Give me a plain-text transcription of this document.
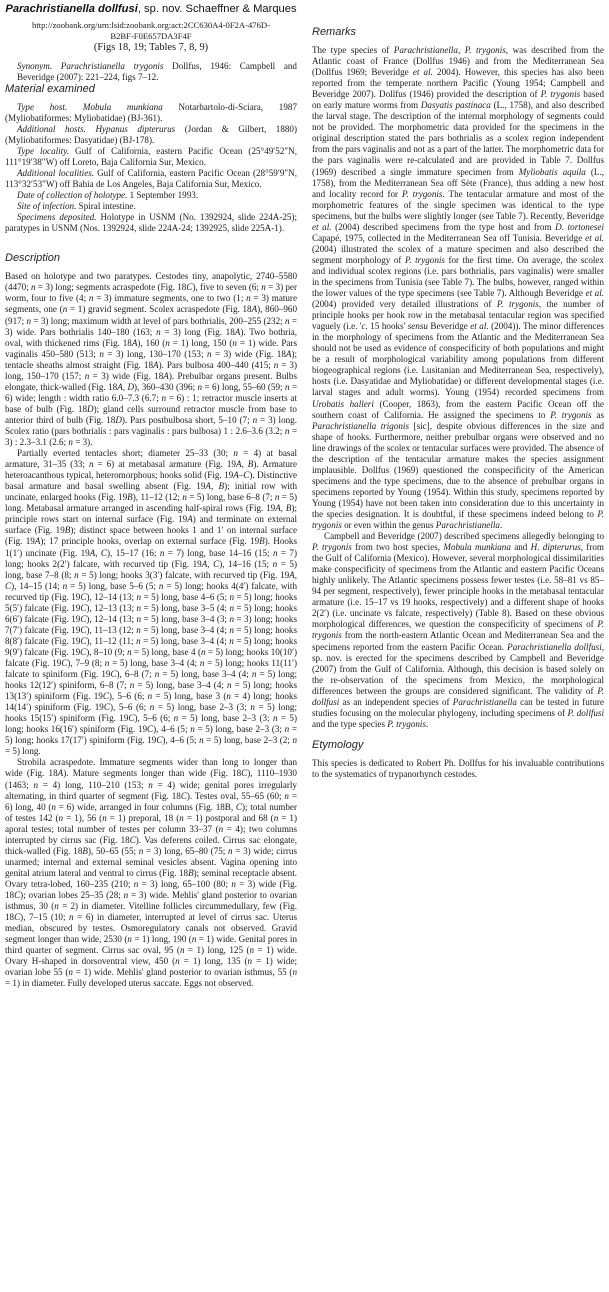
Parachristianella dollfusi, sp. nov. Schaeffner & Marques
http://zoobank.org/urn:lsid:zoobank.org:act:2CC630A4-0F2A-476D-
B2BF-F0E657DA3F4F
(Figs 18, 19; Tables 7, 8, 9)

Synonym. Parachristianella trygonis Dollfus, 1946: Campbell and Beveridge (2007): 221–224, figs 7–12.

Material examined

Type host. Mobula munkiana Notarbartolo-di-Sciara, 1987 (Myliobatiformes: Myliobatidae) (BJ-361).

Additional hosts. Hypanus dipterurus (Jordan & Gilbert, 1880) (Myliobatiformes: Dasyatidae) (BJ-178).

Type locality. Gulf of California, eastern Pacific Ocean (25°49′52″N, 111°19′38″W) off Loreto, Baja California Sur, Mexico.

Additional localities. Gulf of California, eastern Pacific Ocean (28°59′9″N, 113°32′53″W) off Bahia de Los Angeles, Baja California Sur, Mexico.

Date of collection of holotype. 1 September 1993.

Site of infection. Spiral intestine.

Specimens deposited. Holotype in USNM (No. 1392924, slide 224A-25); paratypes in USNM (Nos. 1392924, slide 224A-24; 1392925, slide 225A-1).

Description

Based on holotype and two paratypes. Cestodes tiny, anapolytic, 2740–5580 (4470; n = 3) long; segments acraspedote (Fig. 18C), five to seven (6; n = 3) per worm, four to five (4; n = 3) immature segments, one to two (1; n = 3) mature segments, one (n = 1) gravid segment. Scolex acraspedote (Fig. 18A), 860–960 (917; n = 3) long; maximum width at level of pars bothrialis, 200–255 (232; n = 3) wide. Pars bothrialis 140–180 (163; n = 3) long (Fig. 18A). Two bothria, oval, with thickened rims (Fig. 18A), 160 (n = 1) long, 150 (n = 1) wide. Pars vaginalis 450–580 (513; n = 3) long, 130–170 (153; n = 3) wide (Fig. 18A); tentacle sheaths almost straight (Fig. 18A). Pars bulbosa 400–440 (415; n = 3) long, 150–170 (157; n = 3) wide (Fig. 18A). Prebulbar organs present. Bulbs elongate, thick-walled (Fig. 18A, D), 360–430 (396; n = 6) long, 55–60 (59; n = 6) wide; length : width ratio 6.0–7.3 (6.7; n = 6) : 1; retractor muscle inserts at base of bulb (Fig. 18D); gland cells surround retractor muscle from base to anterior third of bulb (Fig. 18D). Pars postbulbosa short, 5–10 (7; n = 3) long. Scolex ratio (pars bothrialis : pars vaginalis : pars bulbosa) 1 : 2.6–3.6 (3.2; n = 3) : 2.3–3.1 (2.6; n = 3).

Partially everted tentacles short; diameter 25–33 (30; n = 4) at basal armature, 31–35 (33; n = 6) at metabasal armature (Fig. 19A, B). Armature heteroacanthous typical, heteromorphous; hooks solid (Fig. 19A–C). Distinctive basal armature and basal swelling absent (Fig. 19A, B); initial row with uncinate, enlarged hooks (Fig. 19B), 11–12 (12; n = 5) long, base 6–8 (7; n = 5) long. Metabasal armature arranged in ascending half-spiral rows (Fig. 19A, B); principle rows start on internal surface (Fig. 19A) and terminate on external surface (Fig. 19B); distinct space between hooks 1 and 1′ on internal surface (Fig. 19A); 17 principle hooks, overlap on external surface (Fig. 19B). Hooks 1(1′) uncinate (Fig. 19A, C), 15–17 (16; n = 7) long, base 14–16 (15; n = 7) long; hooks 2(2′) falcate, with recurved tip (Fig. 19A, C), 14–16 (15; n = 5) long, base 7–8 (8; n = 5) long; hooks 3(3′) falcate, with recurved tip (Fig. 19A, C), 14–15 (14; n = 5) long, base 5–6 (5; n = 5) long; hooks 4(4′) falcate, with recurved tip (Fig. 19C), 12–14 (13; n = 5) long, base 4–6 (5; n = 5) long; hooks 5(5′) falcate (Fig. 19C), 12–13 (13; n = 5) long, base 3–5 (4; n = 5) long; hooks 6(6′) falcate (Fig. 19C), 12–14 (13; n = 5) long, base 3–4 (3; n = 3) long; hooks 7(7′) falcate (Fig. 19C), 11–13 (12; n = 5) long, base 3–4 (4; n = 5) long; hooks 8(8′) falcate (Fig. 19C), 11–12 (11; n = 5) long, base 3–4 (4; n = 5) long; hooks 9(9′) falcate (Fig. 19C), 8–10 (9; n = 5) long, base 4 (n = 5) long; hooks 10(10′) falcate (Fig. 19C), 7–9 (8; n = 5) long, base 3–4 (4; n = 5) long; hooks 11(11′) falcate to spiniform (Fig. 19C), 6–8 (7; n = 5) long, base 3–4 (4; n = 5) long; hooks 12(12′) spiniform, 6–8 (7; n = 5) long, base 3–4 (4; n = 5) long; hooks 13(13′) spiniform (Fig. 19C), 5–6 (6; n = 5) long, base 3 (n = 4) long; hooks 14(14′) spiniform (Fig. 19C), 5–6 (6; n = 5) long, base 2–3 (3; n = 5) long; hooks 15(15′) spiniform (Fig. 19C), 5–6 (6; n = 5) long, base 2–3 (3; n = 5) long; hooks 16(16′) spiniform (Fig. 19C), 4–6 (5; n = 5) long, base 2–3 (3; n = 5) long; hooks 17(17′) spiniform (Fig. 19C), 4–6 (5; n = 5) long, base 2–3 (2; n = 5) long.

Strobila acraspedote. Immature segments wider than long to longer than wide (Fig. 18A). Mature segments longer than wide (Fig. 18C), 1110–1930 (1463; n = 4) long, 110–210 (153; n = 4) wide; genital pores irregularly alternating, in third quarter of segment (Fig. 18C). Testes oval, 55–65 (60; n = 6) long, 40 (n = 6) wide, arranged in four columns (Fig. 18B, C); total number of testes 142 (n = 1), 56 (n = 1) preporal, 18 (n = 1) postporal and 68 (n = 1) aporal testes; total number of testes per column 33–37 (n = 4); two columns interrupted by cirrus sac (Fig. 18C). Vas deferens coiled. Cirrus sac elongate, thick-walled (Fig. 18B), 50–65 (55; n = 3) long, 65–80 (75; n = 3) wide; cirrus unarmed; internal and external seminal vesicles absent. Vagina opening into genital atrium lateral and ventral to cirrus (Fig. 18B); seminal receptacle absent. Ovary tetra-lobed, 160–235 (210; n = 3) long, 65–100 (80; n = 3) wide (Fig. 18C); ovarian lobes 25–35 (28; n = 3) wide. Mehlis' gland posterior to ovarian isthmus, 30 (n = 2) in diameter. Vitelline follicles circummedullary, few (Fig. 18C), 7–15 (10; n = 6) in diameter, interrupted at level of cirrus sac. Uterus median, obscured by testes. Osmoregulatory canals not observed. Gravid segment longer than wide, 2530 (n = 1) long, 190 (n = 1) wide. Genital pores in third quarter of segment. Cirrus sac oval, 95 (n = 1) long, 125 (n = 1) wide. Ovary H-shaped in dorsoventral view, 450 (n = 1) long, 135 (n = 1) wide; ovarian lobe 55 (n = 1) wide. Mehlis' gland posterior to ovarian isthmus, 55 (n = 1) in diameter. Fully developed uterus saccate. Eggs not observed.

Remarks

The type species of Parachristianella, P. trygonis, was described from the Atlantic coast of France (Dollfus 1946) and from the Mediterranean Sea (Dollfus 1969; Beveridge et al. 2004). However, this species has also been reported from the temperate northern Pacific (Young 1954; Campbell and Beveridge 2007). Dollfus (1946) provided the description of P. trygonis based on early mature worms from Dasyatis pastinaca (L., 1758), and also described the larval stage. The description of the internal morphology of segments could not be provided. The morphometric data provided for the specimens in the original description stated the pars bothrialis as a scolex region independent from the pars vaginalis and not as a part of the latter. The morphometric data for the pars vaginalis were re-calculated and are provided in Table 7. Dollfus (1969) described a single immature specimen from Myliobatis aquila (L., 1758), from the Mediterranean Sea off Sète (France), thus adding a new host and locality record for P. trygonis. The tentacular armature and most of the morphometric features of the single specimen was identical to the type specimens, but the bulbs were slightly longer (see Table 7). Recently, Beveridge et al. (2004) described specimens from the type host and from D. tortonesei Capapé, 1975, collected in the Mediterranean Sea off Tunisia. Beveridge et al. (2004) illustrated the scolex of a mature specimen and also described the segment morphology of P. trygonis for the first time. On average, the scolex and individual scolex regions (i.e. pars bothrialis, pars vaginalis) were smaller in the specimens from Tunisia (see Table 7). The bulbs, however, ranged within the lower values of the type specimens (see Table 7). Although Beveridge et al. (2004) provided very detailed illustrations of P. trygonis, the number of principle hooks per hook row in the metabasal tentacular region was specified vaguely (i.e. 'c. 15 hooks' sensu Beveridge et al. (2004)). The minor differences in the morphology of specimens from the Atlantic and the Mediterranean Sea should not be used as evidence of conspecificity of both populations and might be a result of morphological variability among populations from different biogeographical regions (i.e. Lusitanian and Mediterranean Sea, respectively), hosts (i.e. Dasyatidae and Myliobatidae) or different developmental stages (i.e. larval stages and adult worms). Young (1954) recorded specimens from Urobatis halleri (Cooper, 1863), from the eastern Pacific Ocean off the southern coast of California. He assigned the specimens to P. trygonis as Parachristianella trigonis [sic], despite obvious differences in the size and shape of hooks. Furthermore, neither prebulbar organs were observed and no line drawings of the scolex or tentacular surfaces were provided. The absence of the description of the tentacular armature makes the species assignment implausible. Dollfus (1969) questioned the conspecificity of the American specimens and the type specimens, due to the absence of prebulbar organs in specimens reported by Young (1954). Within this study, specimens reported by Young (1954) have not been taken into consideration due to this uncertainty in the species designation. It is doubtful, if these specimens indeed belong to P. trygonis or even within the genus Parachristianella.

Campbell and Beveridge (2007) described specimens allegedly belonging to P. trygonis from two host species, Mobula munkiana and H. dipterurus, from the Gulf of California (Mexico). However, several morphological dissimilarities make conspecificity of specimens from the Atlantic and eastern Pacific Oceans highly unlikely. The Atlantic specimens possess fewer testes (i.e. 58–81 vs 85–94 per segment, respectively), fewer principle hooks in the metabasal tentacular armature (i.e. 15–17 vs 19 hooks, respectively) and a different shape of hooks 2(2′) (i.e. uncinate vs falcate, respectively) (Table 8). Based on these obvious morphological differences, we question the conspecificity of specimens of P. trygonis from the north-eastern Atlantic Ocean and Mediterranean Sea and the specimens reported from the eastern Pacific Ocean. Parachristianella dollfusi, sp. nov. is erected for the specimens described by Campbell and Beveridge (2007) from the Gulf of California. Although, this decision is based solely on the re-observation of the specimens from Mexico, the morphological differences between the groups are considered significant. The validity of P. dollfusi as an independent species of Parachristianella can be tested in future studies focusing on the molecular phylogeny, including specimens of P. dollfusi and the type species P. trygonis.

Etymology

This species is dedicated to Robert Ph. Dollfus for his invaluable contributions to the systematics of trypanorhynch cestodes.
